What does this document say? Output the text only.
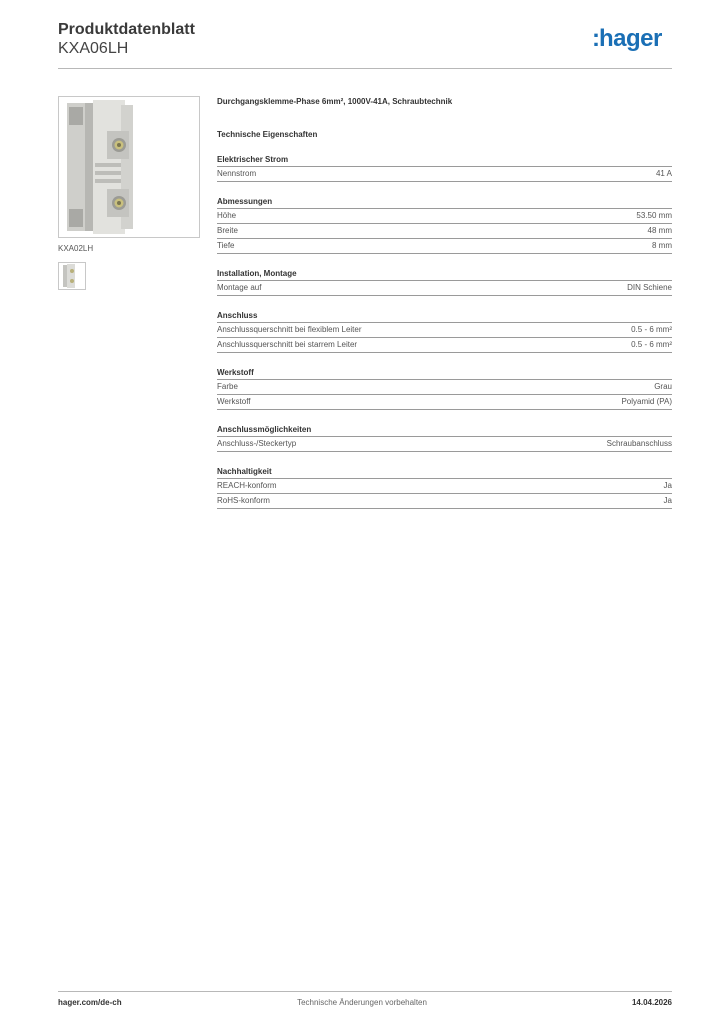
Produktdatenblatt
KXA06LH	:hager
KXA02LH

Durchgangsklemme-Phase 6mm², 1000V-41A, Schraubtechnik

Technische Eigenschaften
Elektrischer Strom
Nennstrom	41 A
Abmessungen
Höhe	53.50 mm
Breite	48 mm
Tiefe	8 mm
Installation, Montage
Montage auf	DIN Schiene
Anschluss
Anschlussquerschnitt bei flexiblem Leiter	0.5 - 6 mm²
Anschlussquerschnitt bei starrem Leiter	0.5 - 6 mm²
Werkstoff
Farbe	Grau
Werkstoff	Polyamid (PA)
Anschlussmöglichkeiten
Anschluss-/Steckertyp	Schraubanschluss
Nachhaltigkeit
REACH-konform	Ja
RoHS-konform	Ja
Technische Änderungen vorbehalten
hager.com/de-ch	14.04.2026
